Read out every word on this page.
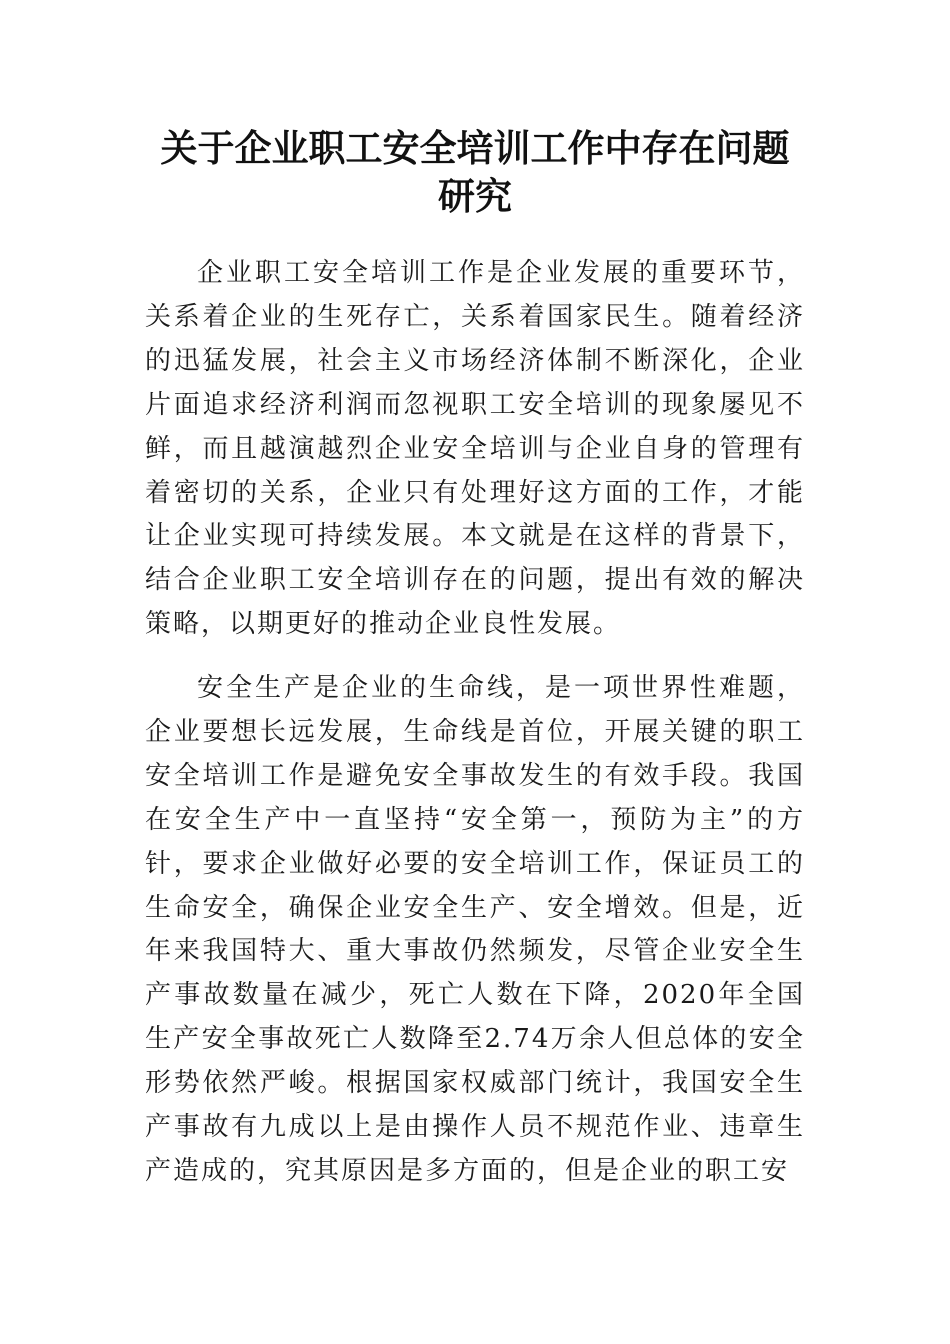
关于企业职工安全培训工作中存在问题研究

企业职工安全培训工作是企业发展的重要环节，关系着企业的生死存亡，关系着国家民生。随着经济的迅猛发展，社会主义市场经济体制不断深化，企业片面追求经济利润而忽视职工安全培训的现象屡见不鲜，而且越演越烈企业安全培训与企业自身的管理有着密切的关系，企业只有处理好这方面的工作，才能让企业实现可持续发展。本文就是在这样的背景下，结合企业职工安全培训存在的问题，提出有效的解决策略，以期更好的推动企业良性发展。

安全生产是企业的生命线，是一项世界性难题，企业要想长远发展，生命线是首位，开展关键的职工安全培训工作是避免安全事故发生的有效手段。我国在安全生产中一直坚持“安全第一，预防为主”的方针，要求企业做好必要的安全培训工作，保证员工的生命安全，确保企业安全生产、安全增效。但是，近年来我国特大、重大事故仍然频发，尽管企业安全生产事故数量在减少，死亡人数在下降，2020年全国生产安全事故死亡人数降至2.74万余人但总体的安全形势依然严峻。根据国家权威部门统计，我国安全生产事故有九成以上是由操作人员不规范作业、违章生产造成的，究其原因是多方面的，但是企业的职工安
